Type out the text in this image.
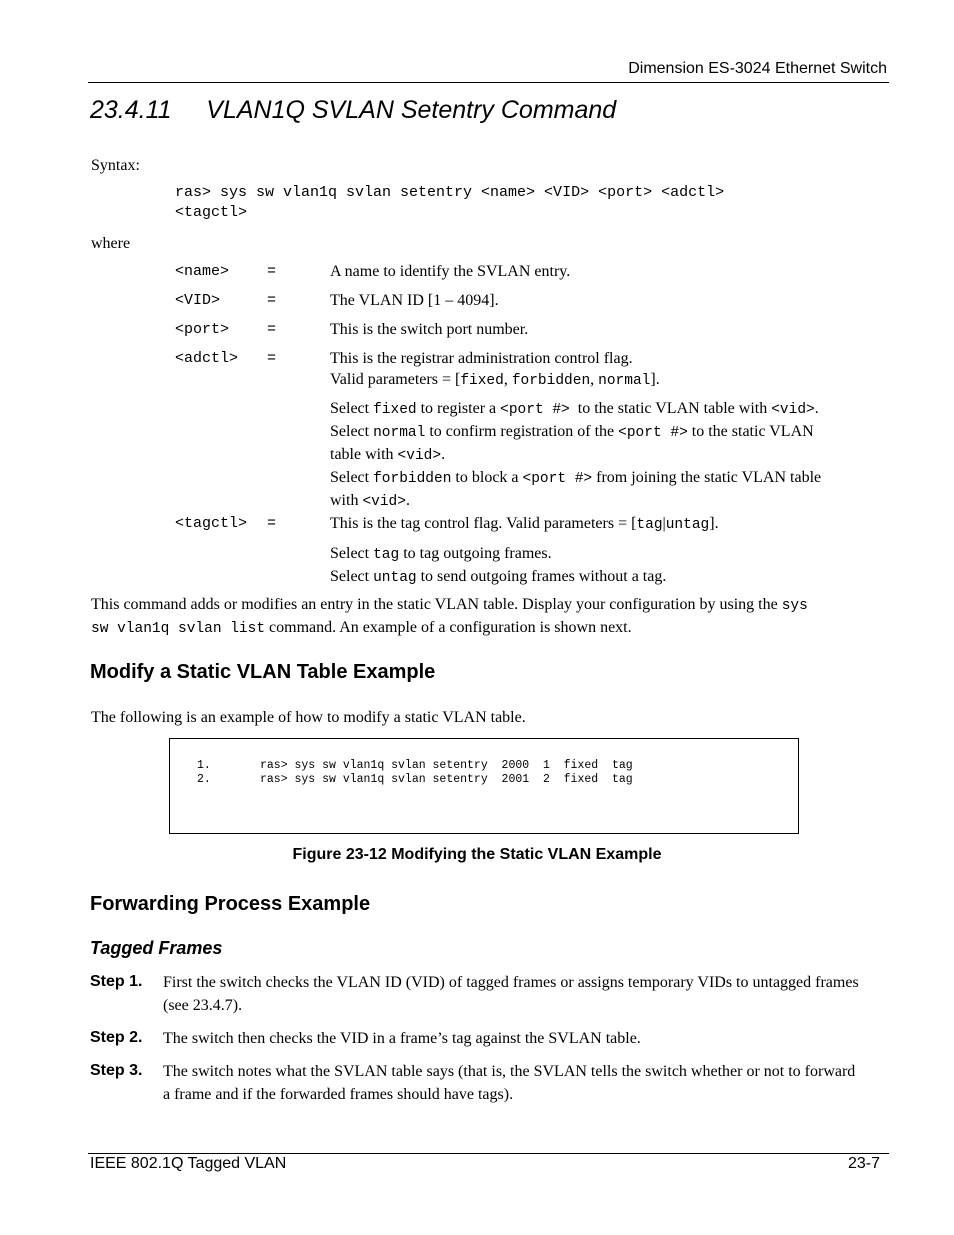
Dimension ES-3024 Ethernet Switch
23.4.11     VLAN1Q SVLAN Setentry Command
Syntax:
ras> sys sw vlan1q svlan setentry <name> <VID> <port> <adctl>
<tagctl>
where
<name>	=	A name to identify the SVLAN entry.
<VID>	=	The VLAN ID [1 – 4094].
<port>	=	This is the switch port number.
<adctl> =	This is the registrar administration control flag.
Valid parameters = [fixed, forbidden, normal].
Select fixed to register a <port #>  to the static VLAN table with <vid>.
Select normal to confirm registration of the <port #> to the static VLAN
table with <vid>.
Select forbidden to block a <port #> from joining the static VLAN table
with <vid>.
<tagctl> =	This is the tag control flag. Valid parameters = [tag|untag].
Select tag to tag outgoing frames.
Select untag to send outgoing frames without a tag.
This command adds or modifies an entry in the static VLAN table. Display your configuration by using the sys
sw vlan1q svlan list command. An example of a configuration is shown next.
Modify a Static VLAN Table Example
The following is an example of how to modify a static VLAN table.
1.	ras> sys sw vlan1q svlan setentry  2000  1  fixed  tag
2.	ras> sys sw vlan1q svlan setentry  2001  2  fixed  tag
Figure 23-12 Modifying the Static VLAN Example
Forwarding Process Example
Tagged Frames
Step 1. First the switch checks the VLAN ID (VID) of tagged frames or assigns temporary VIDs to untagged frames (see 23.4.7).
Step 2. The switch then checks the VID in a frame’s tag against the SVLAN table.
Step 3. The switch notes what the SVLAN table says (that is, the SVLAN tells the switch whether or not to forward a frame and if the forwarded frames should have tags).
IEEE 802.1Q Tagged VLAN	23-7
